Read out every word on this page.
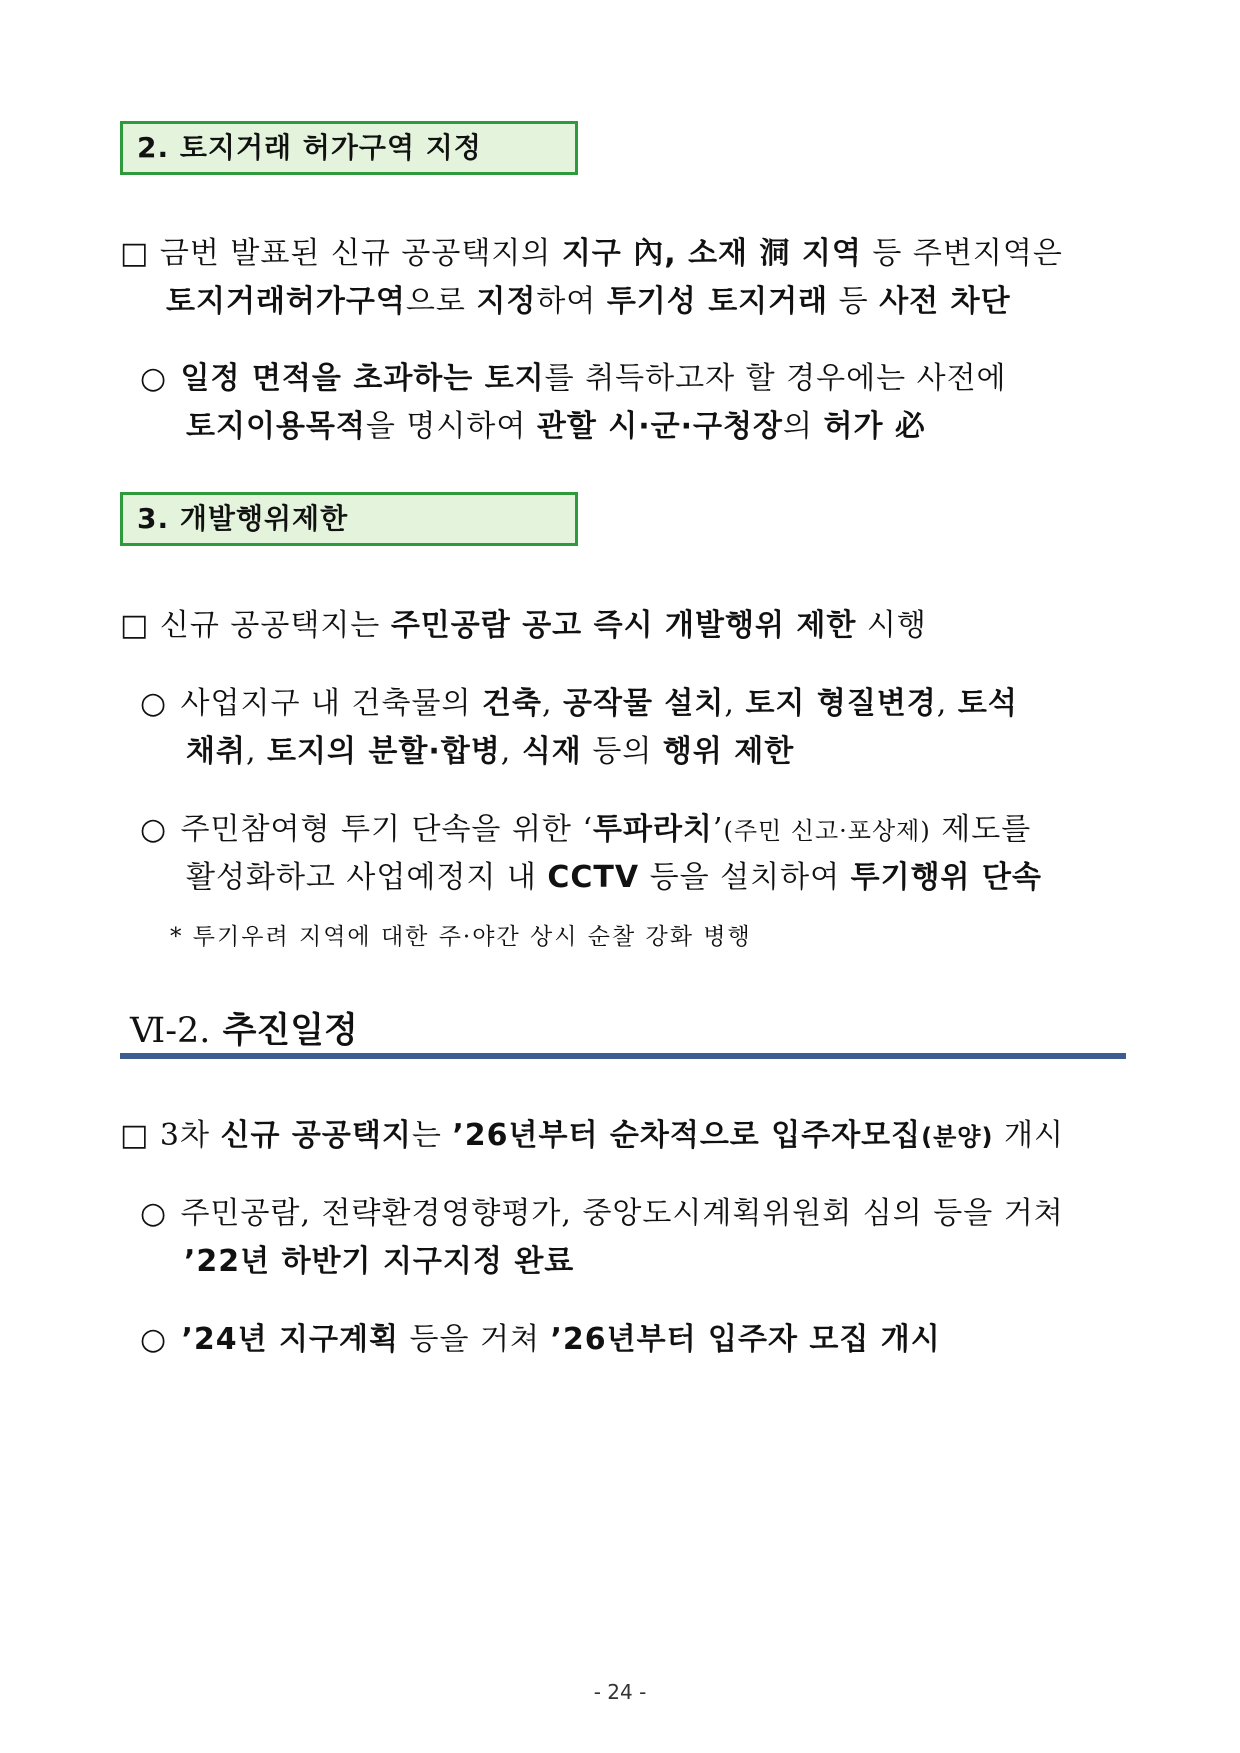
2. 토지거래 허가구역 지정
□ 금번 발표된 신규 공공택지의 지구 內, 소재 洞 지역 등 주변지역은
토지거래허가구역으로 지정하여 투기성 토지거래 등 사전 차단
○ 일정 면적을 초과하는 토지를 취득하고자 할 경우에는 사전에
토지이용목적을 명시하여 관할 시·군·구청장의 허가 必
3. 개발행위제한
□ 신규 공공택지는 주민공람 공고 즉시 개발행위 제한 시행
○ 사업지구 내 건축물의 건축, 공작물 설치, 토지 형질변경, 토석
채취, 토지의 분할·합병, 식재 등의 행위 제한
○ 주민참여형 투기 단속을 위한 ‘투파라치’(주민 신고·포상제) 제도를
활성화하고 사업예정지 내 CCTV 등을 설치하여 투기행위 단속
* 투기우려 지역에 대한 주·야간 상시 순찰 강화 병행
Ⅵ-2. 추진일정
□ 3차 신규 공공택지는 ’26년부터 순차적으로 입주자모집(분양) 개시
○ 주민공람, 전략환경영향평가, 중앙도시계획위원회 심의 등을 거쳐
’22년 하반기 지구지정 완료
○ ’24년 지구계획 등을 거쳐 ’26년부터 입주자 모집 개시
- 24 -
